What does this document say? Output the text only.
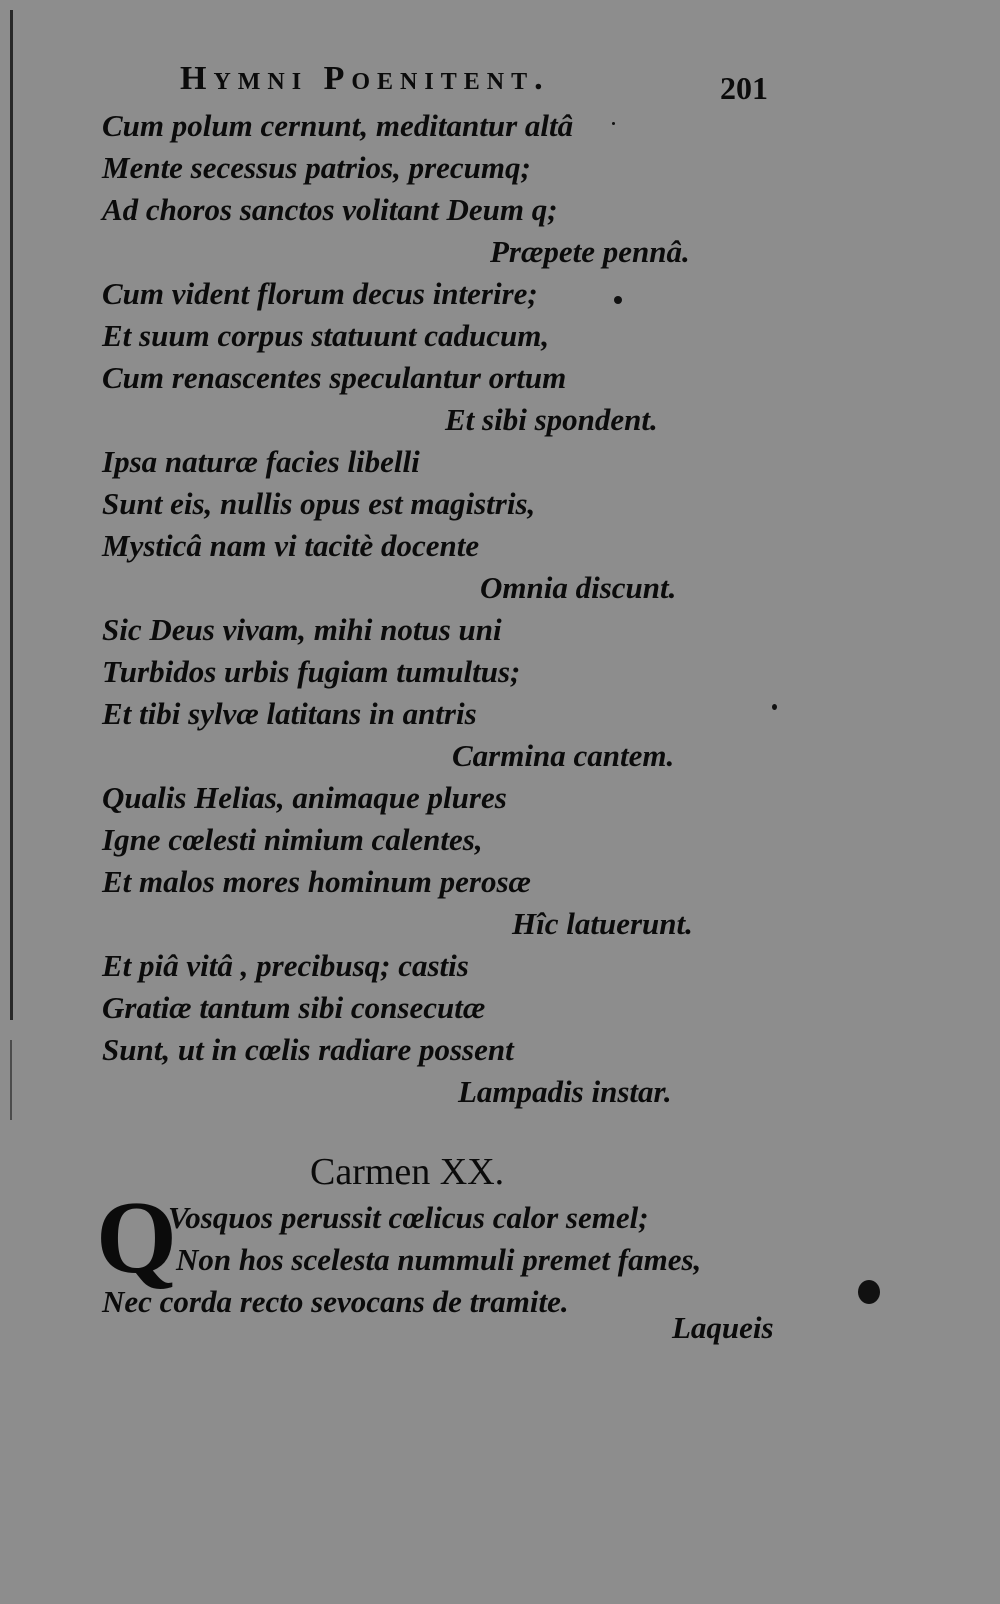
Hymni Poenitent.	201
Cum polum cernunt, meditantur altâ
Mente secessus patrios, precumq;
Ad choros sanctos volitant Deum q;
Præpete pennâ.
Cum vident florum decus interire;
Et suum corpus statuunt caducum,
Cum renascentes speculantur ortum
Et sibi spondent.
Ipsa naturæ facies libelli
Sunt eis, nullis opus est magistris,
Mysticâ nam vi tacitè docente
Omnia discunt.
Sic Deus vivam, mihi notus uni
Turbidos urbis fugiam tumultus;
Et tibi sylvæ latitans in antris
Carmina cantem.
Qualis Helias, animaque plures
Igne cœlesti nimium calentes,
Et malos mores hominum perosæ
Hîc latuerunt.
Et piâ vitâ , precibusq; castis
Gratiæ tantum sibi consecutæ
Sunt, ut in cœlis radiare possent
Lampadis instar.
Carmen XX.
Q
Vosquos perussit cœlicus calor semel;
Non hos scelesta nummuli premet fames,
Nec corda recto sevocans de tramite.
Laqueis
